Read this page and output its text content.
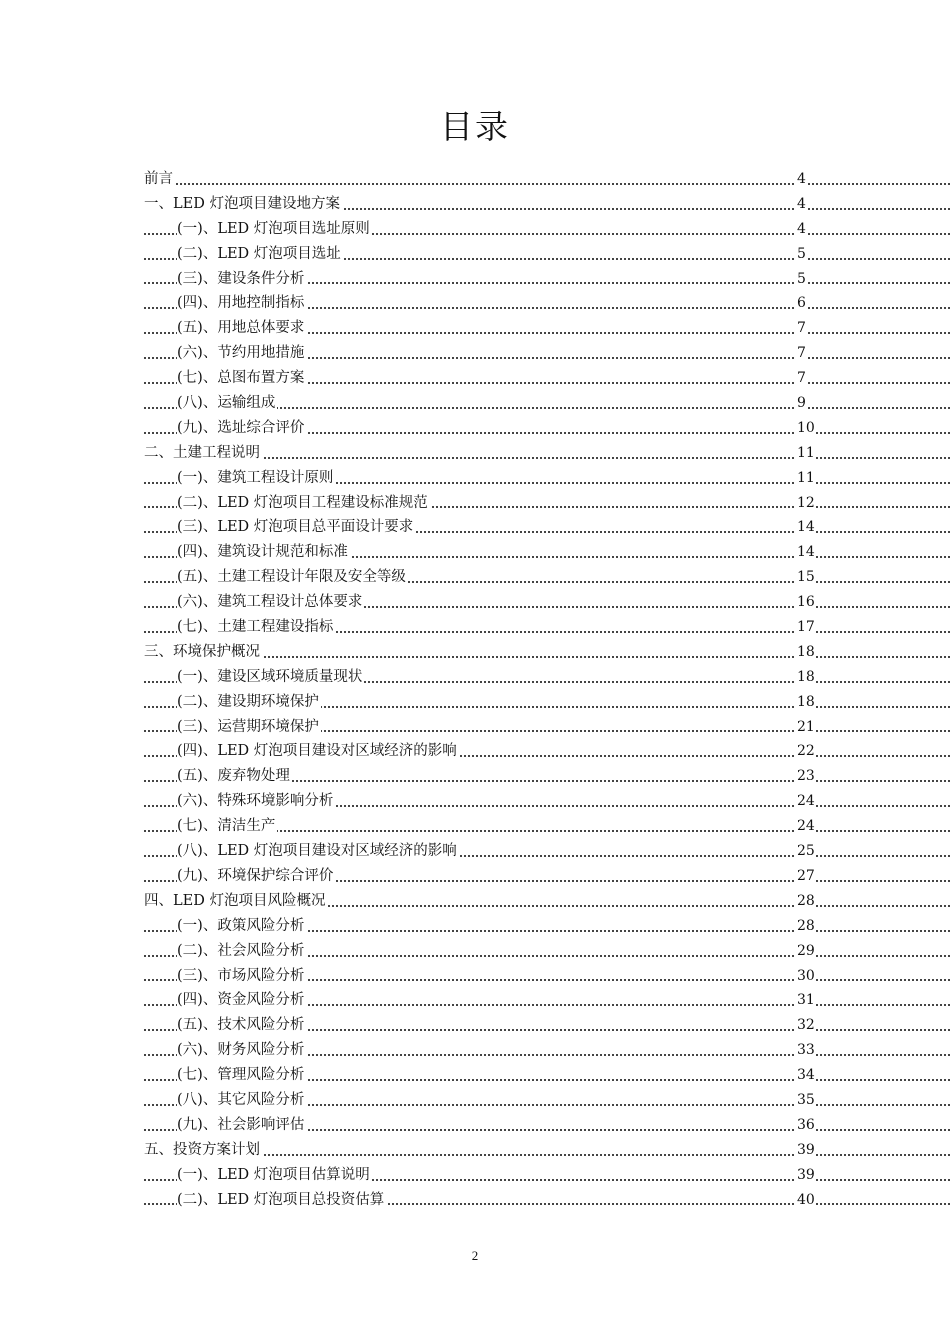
目录
前言	4
一、LED 灯泡项目建设地方案	4
(一)、LED 灯泡项目选址原则	4
(二)、LED 灯泡项目选址	5
(三)、建设条件分析	5
(四)、用地控制指标	6
(五)、用地总体要求	7
(六)、节约用地措施	7
(七)、总图布置方案	7
(八)、运输组成	9
(九)、选址综合评价	10
二、土建工程说明	11
(一)、建筑工程设计原则	11
(二)、LED 灯泡项目工程建设标准规范	12
(三)、LED 灯泡项目总平面设计要求	14
(四)、建筑设计规范和标准	14
(五)、土建工程设计年限及安全等级	15
(六)、建筑工程设计总体要求	16
(七)、土建工程建设指标	17
三、环境保护概况	18
(一)、建设区域环境质量现状	18
(二)、建设期环境保护	18
(三)、运营期环境保护	21
(四)、LED 灯泡项目建设对区域经济的影响	22
(五)、废弃物处理	23
(六)、特殊环境影响分析	24
(七)、清洁生产	24
(八)、LED 灯泡项目建设对区域经济的影响	25
(九)、环境保护综合评价	27
四、LED 灯泡项目风险概况	28
(一)、政策风险分析	28
(二)、社会风险分析	29
(三)、市场风险分析	30
(四)、资金风险分析	31
(五)、技术风险分析	32
(六)、财务风险分析	33
(七)、管理风险分析	34
(八)、其它风险分析	35
(九)、社会影响评估	36
五、投资方案计划	39
(一)、LED 灯泡项目估算说明	39
(二)、LED 灯泡项目总投资估算	40
2
